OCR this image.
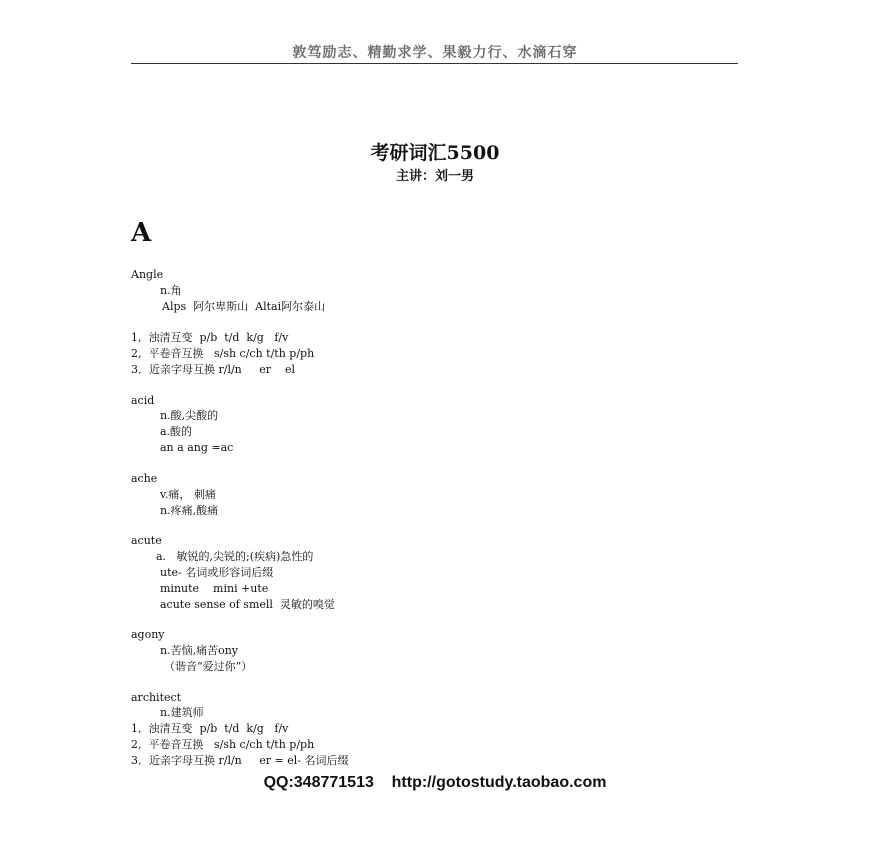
敦笃励志、精勤求学、果毅力行、水滴石穿
考研词汇5500
主讲：刘一男
A
Angle
n.角
Alps  阿尔卑斯山  Altai阿尔泰山
1,  浊清互变  p/b  t/d  k/g   f/v
2,  平卷音互换   s/sh c/ch t/th p/ph
3．近亲字母互换 r/l/n     er    el
acid
n.酸,尖酸的
a.酸的
an a ang =ac
ache
v.痛， 刺痛
n.疼痛,酸痛
acute
a.   敏锐的,尖锐的;(疾病)急性的
ute- 名词或形容词后缀
minute    mini +ute
acute sense of smell  灵敏的嗅觉
agony
n.苦恼,痛苦ony
（谐音“爱过你”）
architect
n.建筑师
1,  浊清互变  p/b  t/d  k/g   f/v
2,  平卷音互换   s/sh c/ch t/th p/ph
3．近亲字母互换 r/l/n     er = el- 名词后缀
QQ:348771513    http://gotostudy.taobao.com
